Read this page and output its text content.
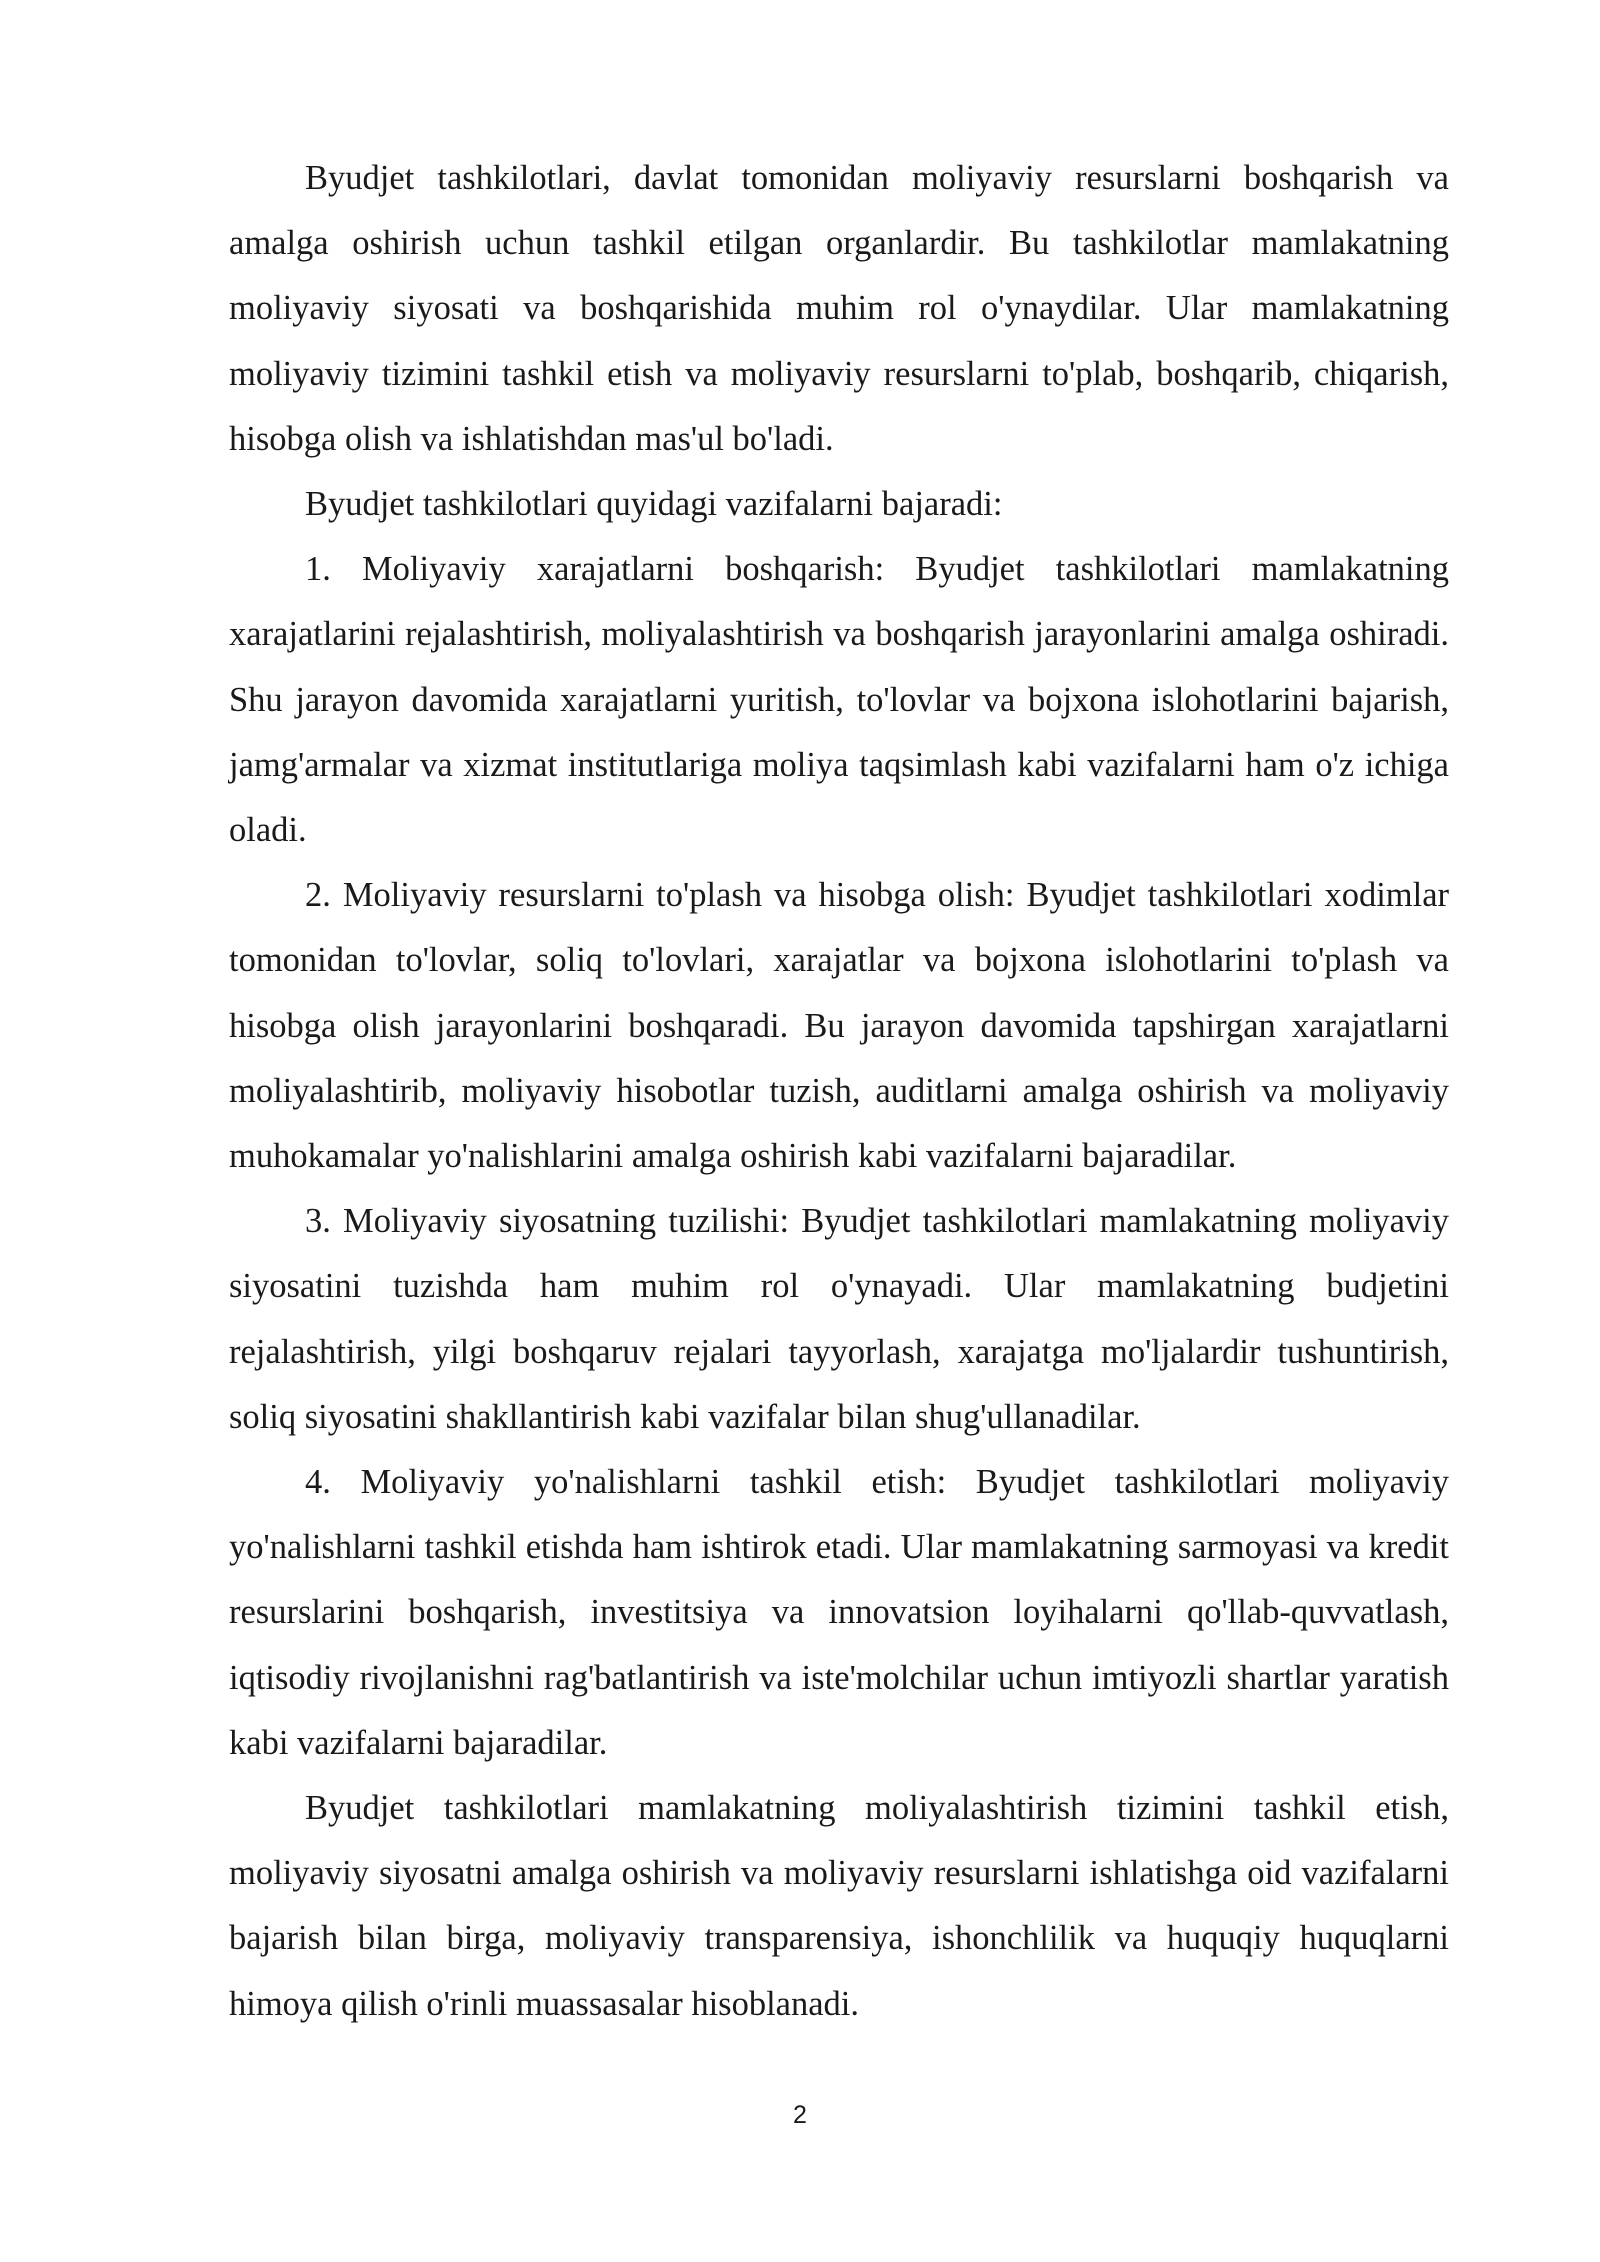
Byudjet tashkilotlari, davlat tomonidan moliyaviy resurslarni boshqarish va amalga oshirish uchun tashkil etilgan organlardir. Bu tashkilotlar mamlakatning moliyaviy siyosati va boshqarishida muhim rol o'ynaydilar. Ular mamlakatning moliyaviy tizimini tashkil etish va moliyaviy resurslarni to'plab, boshqarib, chiqarish, hisobga olish va ishlatishdan mas'ul bo'ladi.

Byudjet tashkilotlari quyidagi vazifalarni bajaradi:

1. Moliyaviy xarajatlarni boshqarish: Byudjet tashkilotlari mamlakatning xarajatlarini rejalashtirish, moliyalashtirish va boshqarish jarayonlarini amalga oshiradi. Shu jarayon davomida xarajatlarni yuritish, to'lovlar va bojxona islohotlarini bajarish, jamg'armalar va xizmat institutlariga moliya taqsimlash kabi vazifalarni ham o'z ichiga oladi.

2. Moliyaviy resurslarni to'plash va hisobga olish: Byudjet tashkilotlari xodimlar tomonidan to'lovlar, soliq to'lovlari, xarajatlar va bojxona islohotlarini to'plash va hisobga olish jarayonlarini boshqaradi. Bu jarayon davomida tapshirgan xarajatlarni moliyalashtirib, moliyaviy hisobotlar tuzish, auditlarni amalga oshirish va moliyaviy muhokamalar yo'nalishlarini amalga oshirish kabi vazifalarni bajaradilar.

3. Moliyaviy siyosatning tuzilishi: Byudjet tashkilotlari mamlakatning moliyaviy siyosatini tuzishda ham muhim rol o'ynayadi. Ular mamlakatning budjetini rejalashtirish, yilgi boshqaruv rejalari tayyorlash, xarajatga mo'ljalardir tushuntirish, soliq siyosatini shakllantirish kabi vazifalar bilan shug'ullanadilar.

4. Moliyaviy yo'nalishlarni tashkil etish: Byudjet tashkilotlari moliyaviy yo'nalishlarni tashkil etishda ham ishtirok etadi. Ular mamlakatning sarmoyasi va kredit resurslarini boshqarish, investitsiya va innovatsion loyihalarni qo'llab-quvvatlash, iqtisodiy rivojlanishni rag'batlantirish va iste'molchilar uchun imtiyozli shartlar yaratish kabi vazifalarni bajaradilar.

Byudjet tashkilotlari mamlakatning moliyalashtirish tizimini tashkil etish, moliyaviy siyosatni amalga oshirish va moliyaviy resurslarni ishlatishga oid vazifalarni bajarish bilan birga, moliyaviy transparensiya, ishonchlilik va huquqiy huquqlarni himoya qilish o'rinli muassasalar hisoblanadi.

2
